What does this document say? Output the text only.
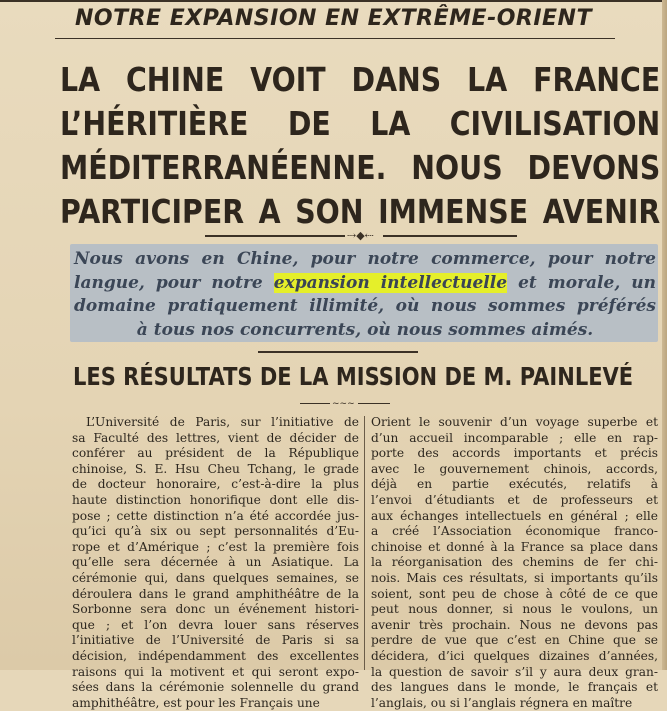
NOTRE EXPANSION EN EXTRÊME-ORIENT
LA CHINE VOIT DANS LA FRANCE
L’HÉRITIÈRE DE LA CIVILISATION
MÉDITERRANÉENNE. NOUS DEVONS
PARTICIPER A SON IMMENSE AVENIR
⇢◆⇠
Nous avons en Chine, pour notre commerce, pour notre
langue, pour notre expansion intellectuelle et morale, un
domaine pratiquement illimité, où nous sommes préférés
à tous nos concurrents, où nous sommes aimés.
LES RÉSULTATS DE LA MISSION DE M. PAINLEVÉ
~~~
L’Université de Paris, sur l’initiative de
sa Faculté des lettres, vient de décider de
conférer au président de la République
chinoise, S. E. Hsu Cheu Tchang, le grade
de docteur honoraire, c’est-à-dire la plus
haute distinction honorifique dont elle dis-
pose ; cette distinction n’a été accordée jus-
qu’ici qu’à six ou sept personnalités d’Eu-
rope et d’Amérique ; c’est la première fois
qu’elle sera décernée à un Asiatique. La
cérémonie qui, dans quelques semaines, se
déroulera dans le grand amphithéâtre de la
Sorbonne sera donc un événement histori-
que ; et l’on devra louer sans réserves
l’initiative de l’Université de Paris si sa
décision, indépendamment des excellentes
raisons qui la motivent et qui seront expo-
sées dans la cérémonie solennelle du grand
amphithéâtre, est pour les Français une
Orient le souvenir d’un voyage superbe et
d’un accueil incomparable ; elle en rap-
porte des accords importants et précis
avec le gouvernement chinois, accords,
déjà en partie exécutés, relatifs à
l’envoi d’étudiants et de professeurs et
aux échanges intellectuels en général ; elle
a créé l’Association économique franco-
chinoise et donné à la France sa place dans
la réorganisation des chemins de fer chi-
nois. Mais ces résultats, si importants qu’ils
soient, sont peu de chose à côté de ce que
peut nous donner, si nous le voulons, un
avenir très prochain. Nous ne devons pas
perdre de vue que c’est en Chine que se
décidera, d’ici quelques dizaines d’années,
la question de savoir s’il y aura deux gran-
des langues dans le monde, le français et
l’anglais, ou si l’anglais régnera en maître
